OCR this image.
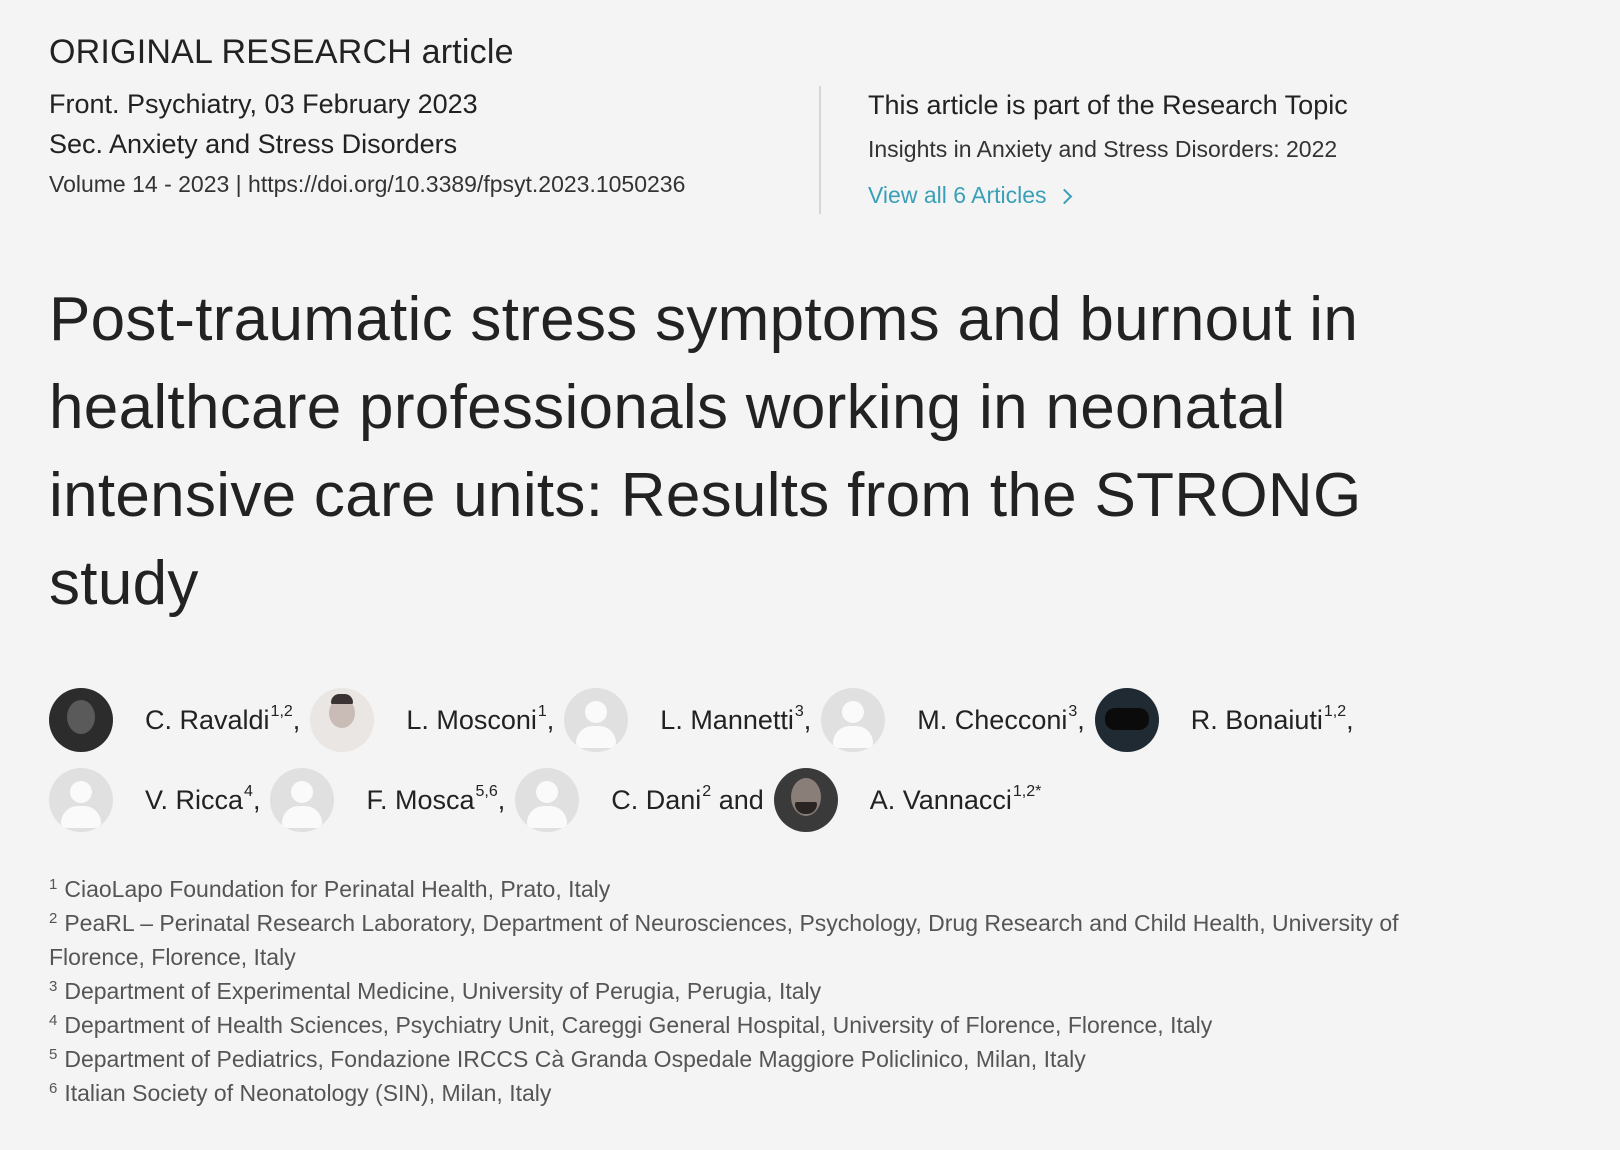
ORIGINAL RESEARCH article
Front. Psychiatry, 03 February 2023
Sec. Anxiety and Stress Disorders
Volume 14 - 2023 | https://doi.org/10.3389/fpsyt.2023.1050236
This article is part of the Research Topic
Insights in Anxiety and Stress Disorders: 2022
View all 6 Articles
Post-traumatic stress symptoms and burnout in healthcare professionals working in neonatal intensive care units: Results from the STRONG study
C. Ravaldi$^{1,2}$,	L. Mosconi$^1$,	L. Mannetti$^3$,	M. Checconi$^3$,	R. Bonaiuti$^{1,2}$,
V. Ricca$^4$,	F. Mosca$^{5,6}$,	C. Dani$^2$ and	A. Vannacci$^{1,2*}$
$^1$ CiaoLapo Foundation for Perinatal Health, Prato, Italy
$^2$ PeaRL – Perinatal Research Laboratory, Department of Neurosciences, Psychology, Drug Research and Child Health, University of Florence, Florence, Italy
$^3$ Department of Experimental Medicine, University of Perugia, Perugia, Italy
$^4$ Department of Health Sciences, Psychiatry Unit, Careggi General Hospital, University of Florence, Florence, Italy
$^5$ Department of Pediatrics, Fondazione IRCCS Cà Granda Ospedale Maggiore Policlinico, Milan, Italy
$^6$ Italian Society of Neonatology (SIN), Milan, Italy
